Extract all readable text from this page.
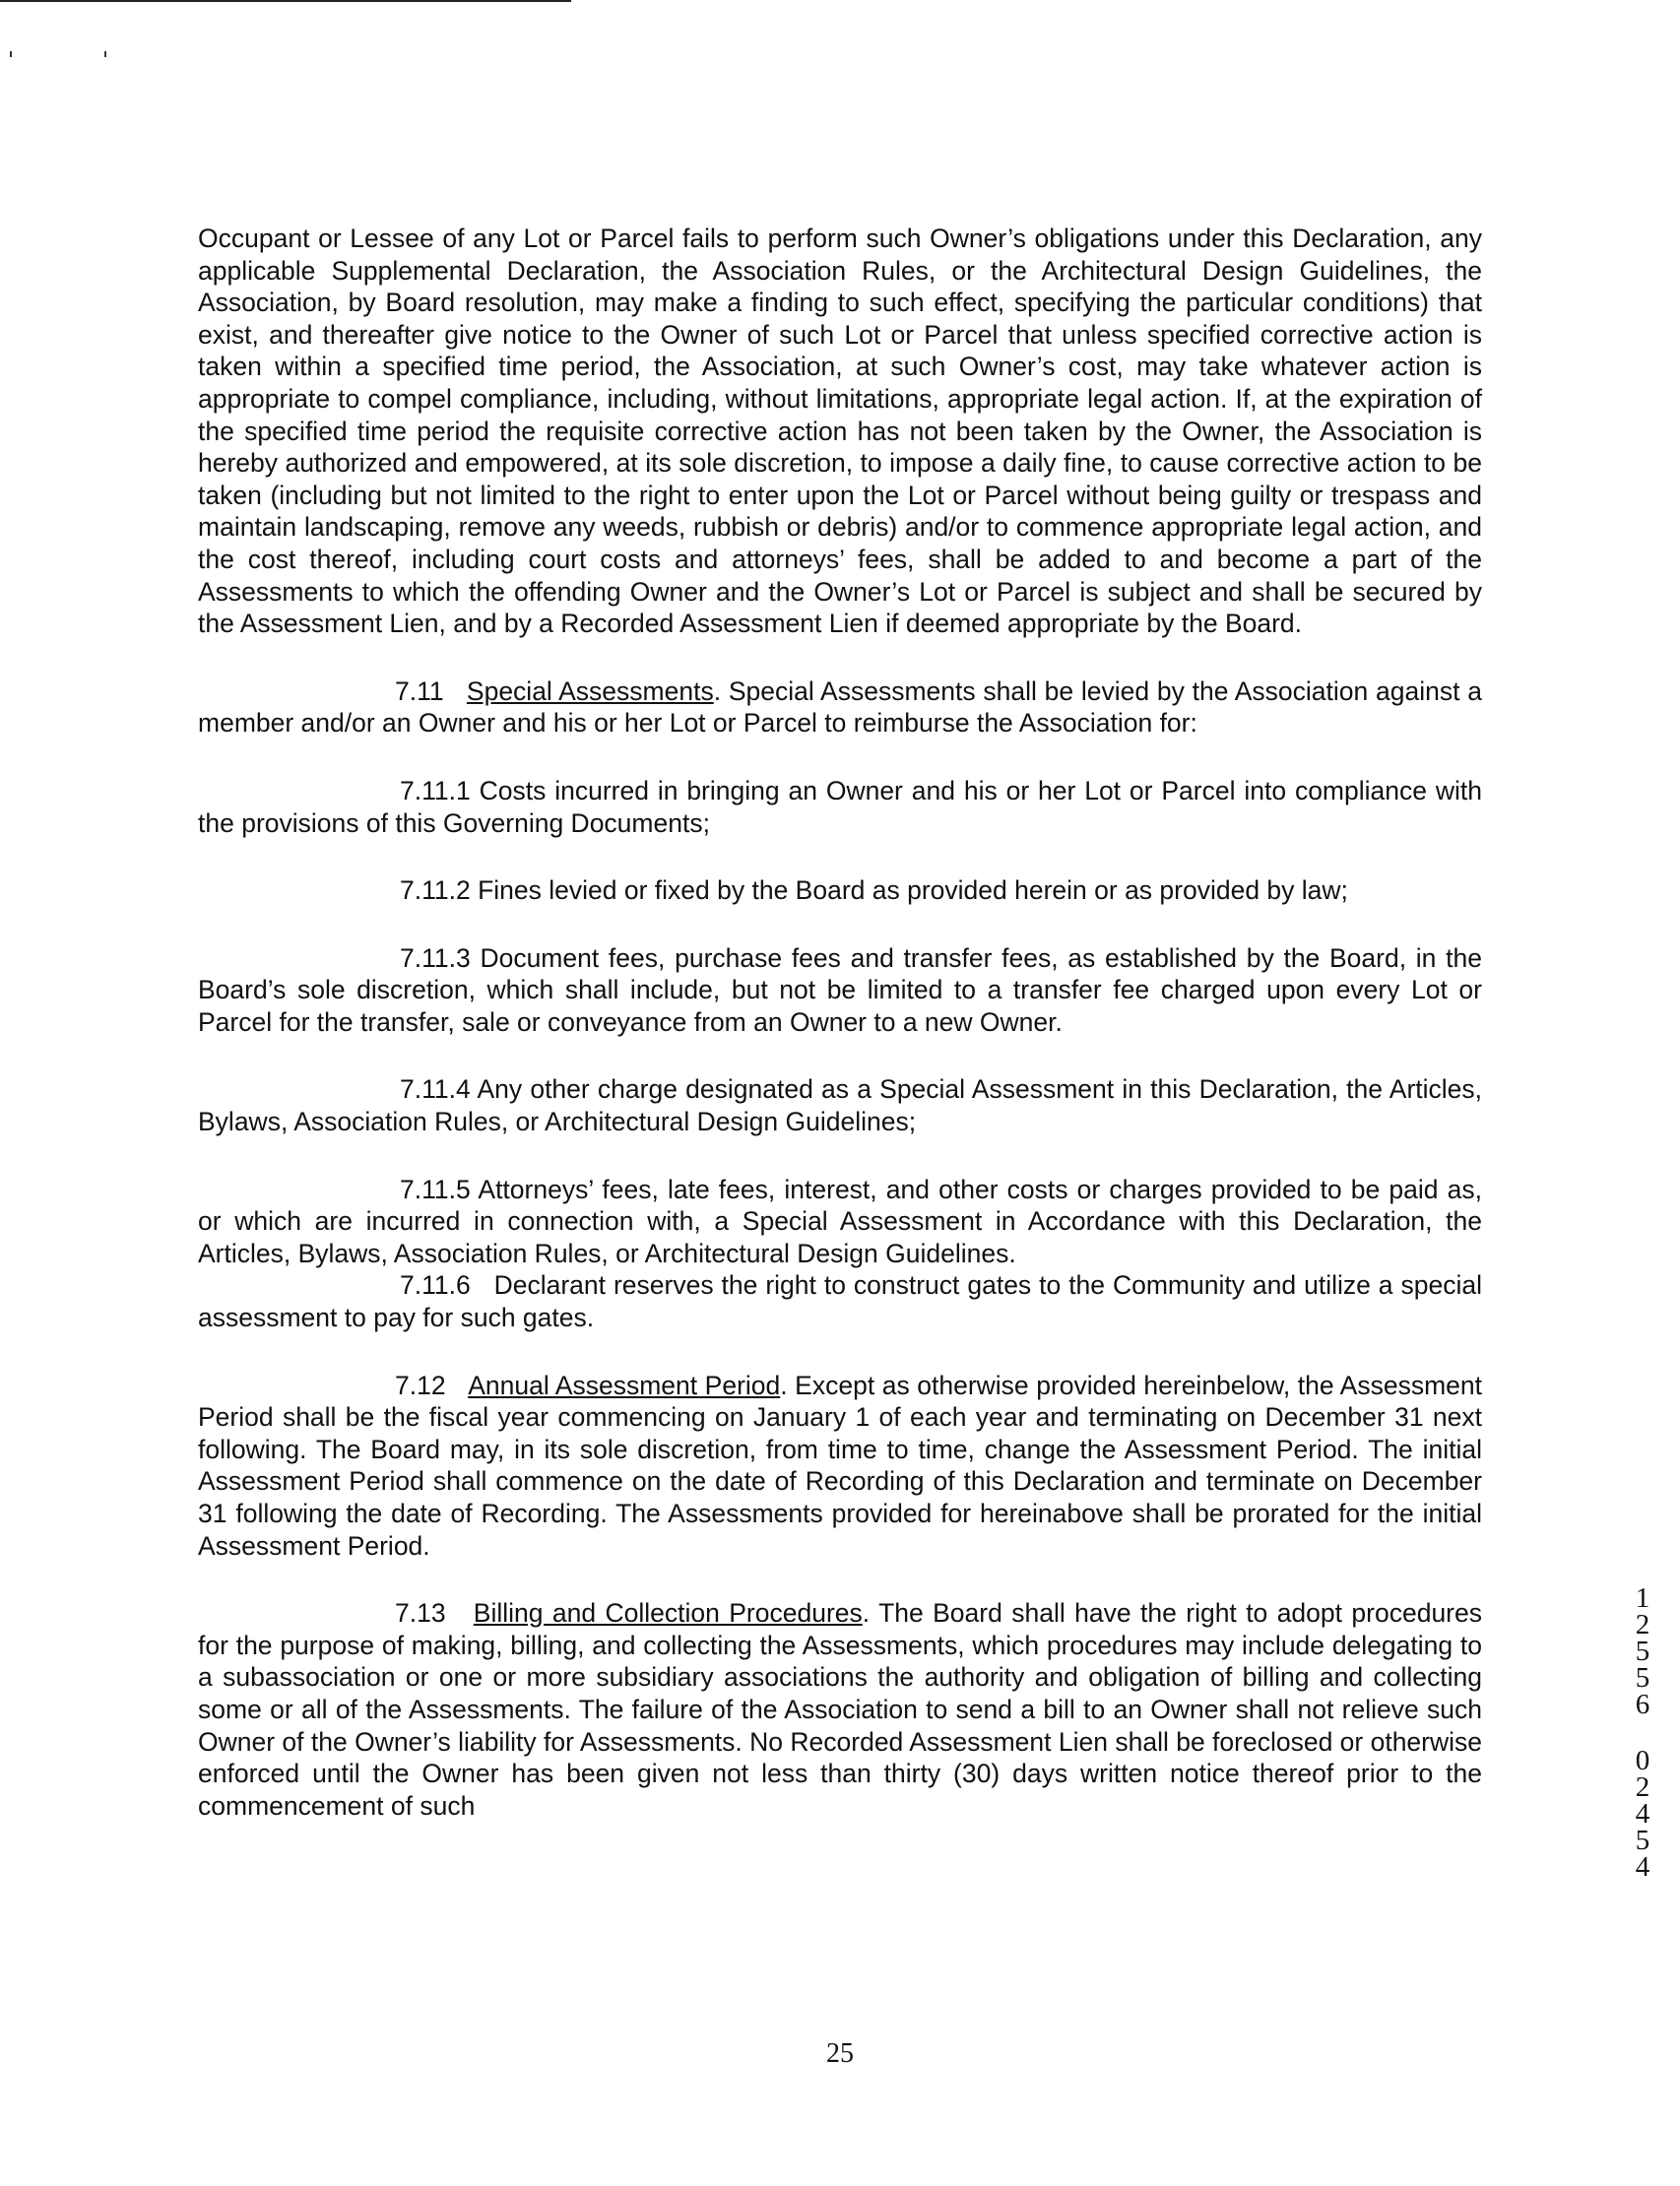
Occupant or Lessee of any Lot or Parcel fails to perform such Owner’s obligations under this Declaration, any applicable Supplemental Declaration, the Association Rules, or the Architectural Design Guidelines, the Association, by Board resolution, may make a finding to such effect, specifying the particular conditions) that exist, and thereafter give notice to the Owner of such Lot or Parcel that unless specified corrective action is taken within a specified time period, the Association, at such Owner’s cost, may take whatever action is appropriate to compel compliance, including, without limitations, appropriate legal action. If, at the expiration of the specified time period the requisite corrective action has not been taken by the Owner, the Association is hereby authorized and empowered, at its sole discretion, to impose a daily fine, to cause corrective action to be taken (including but not limited to the right to enter upon the Lot or Parcel without being guilty or trespass and maintain landscaping, remove any weeds, rubbish or debris) and/or to commence appropriate legal action, and the cost thereof, including court costs and attorneys’ fees, shall be added to and become a part of the Assessments to which the offending Owner and the Owner’s Lot or Parcel is subject and shall be secured by the Assessment Lien, and by a Recorded Assessment Lien if deemed appropriate by the Board.

7.11 Special Assessments. Special Assessments shall be levied by the Association against a member and/or an Owner and his or her Lot or Parcel to reimburse the Association for:

7.11.1 Costs incurred in bringing an Owner and his or her Lot or Parcel into compliance with the provisions of this Governing Documents;

7.11.2 Fines levied or fixed by the Board as provided herein or as provided by law;

7.11.3 Document fees, purchase fees and transfer fees, as established by the Board, in the Board’s sole discretion, which shall include, but not be limited to a transfer fee charged upon every Lot or Parcel for the transfer, sale or conveyance from an Owner to a new Owner.

7.11.4 Any other charge designated as a Special Assessment in this Declaration, the Articles, Bylaws, Association Rules, or Architectural Design Guidelines;

7.11.5 Attorneys’ fees, late fees, interest, and other costs or charges provided to be paid as, or which are incurred in connection with, a Special Assessment in Accordance with this Declaration, the Articles, Bylaws, Association Rules, or Architectural Design Guidelines.

7.11.6 Declarant reserves the right to construct gates to the Community and utilize a special assessment to pay for such gates.

7.12 Annual Assessment Period. Except as otherwise provided hereinbelow, the Assessment Period shall be the fiscal year commencing on January 1 of each year and terminating on December 31 next following. The Board may, in its sole discretion, from time to time, change the Assessment Period. The initial Assessment Period shall commence on the date of Recording of this Declaration and terminate on December 31 following the date of Recording. The Assessments provided for hereinabove shall be prorated for the initial Assessment Period.

7.13 Billing and Collection Procedures. The Board shall have the right to adopt procedures for the purpose of making, billing, and collecting the Assessments, which procedures may include delegating to a subassociation or one or more subsidiary associations the authority and obligation of billing and collecting some or all of the Assessments. The failure of the Association to send a bill to an Owner shall not relieve such Owner of the Owner’s liability for Assessments. No Recorded Assessment Lien shall be foreclosed or otherwise enforced until the Owner has been given not less than thirty (30) days written notice thereof prior to the commencement of such

1
2
5
5
6
0
2
4
5
4
25
